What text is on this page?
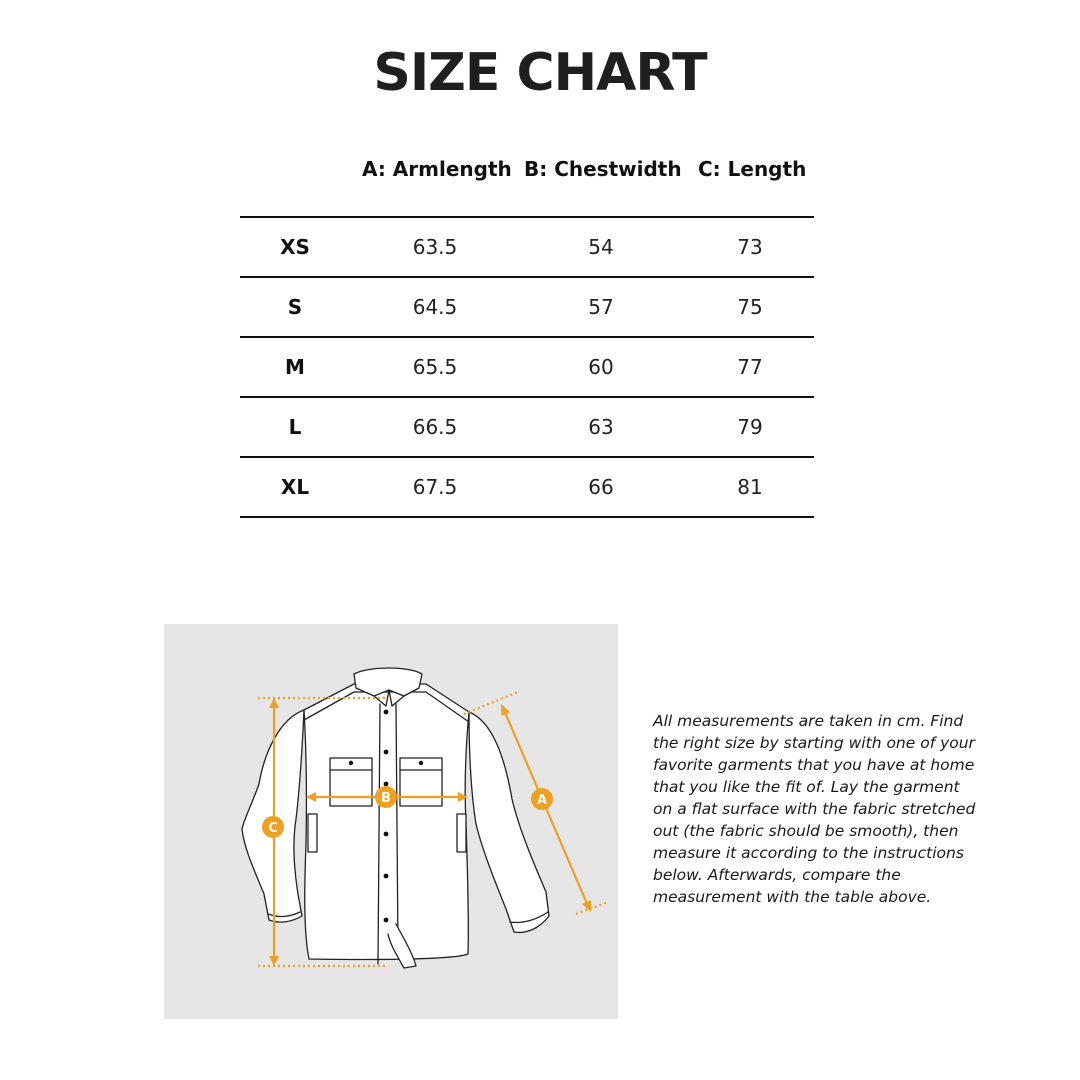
SIZE CHART
A: Armlength B: Chestwidth C: Length
XS	63.5	54	73
S	64.5	57	75
M	65.5	60	77
L	66.5	63	79
XL	67.5	66	81
C
B	A

All measurements are taken in cm. Find the right size by starting with one of your favorite garments that you have at home that you like the fit of. Lay the garment on a flat surface with the fabric stretched out (the fabric should be smooth), then measure it according to the instructions below. Afterwards, compare the measurement with the table above.
